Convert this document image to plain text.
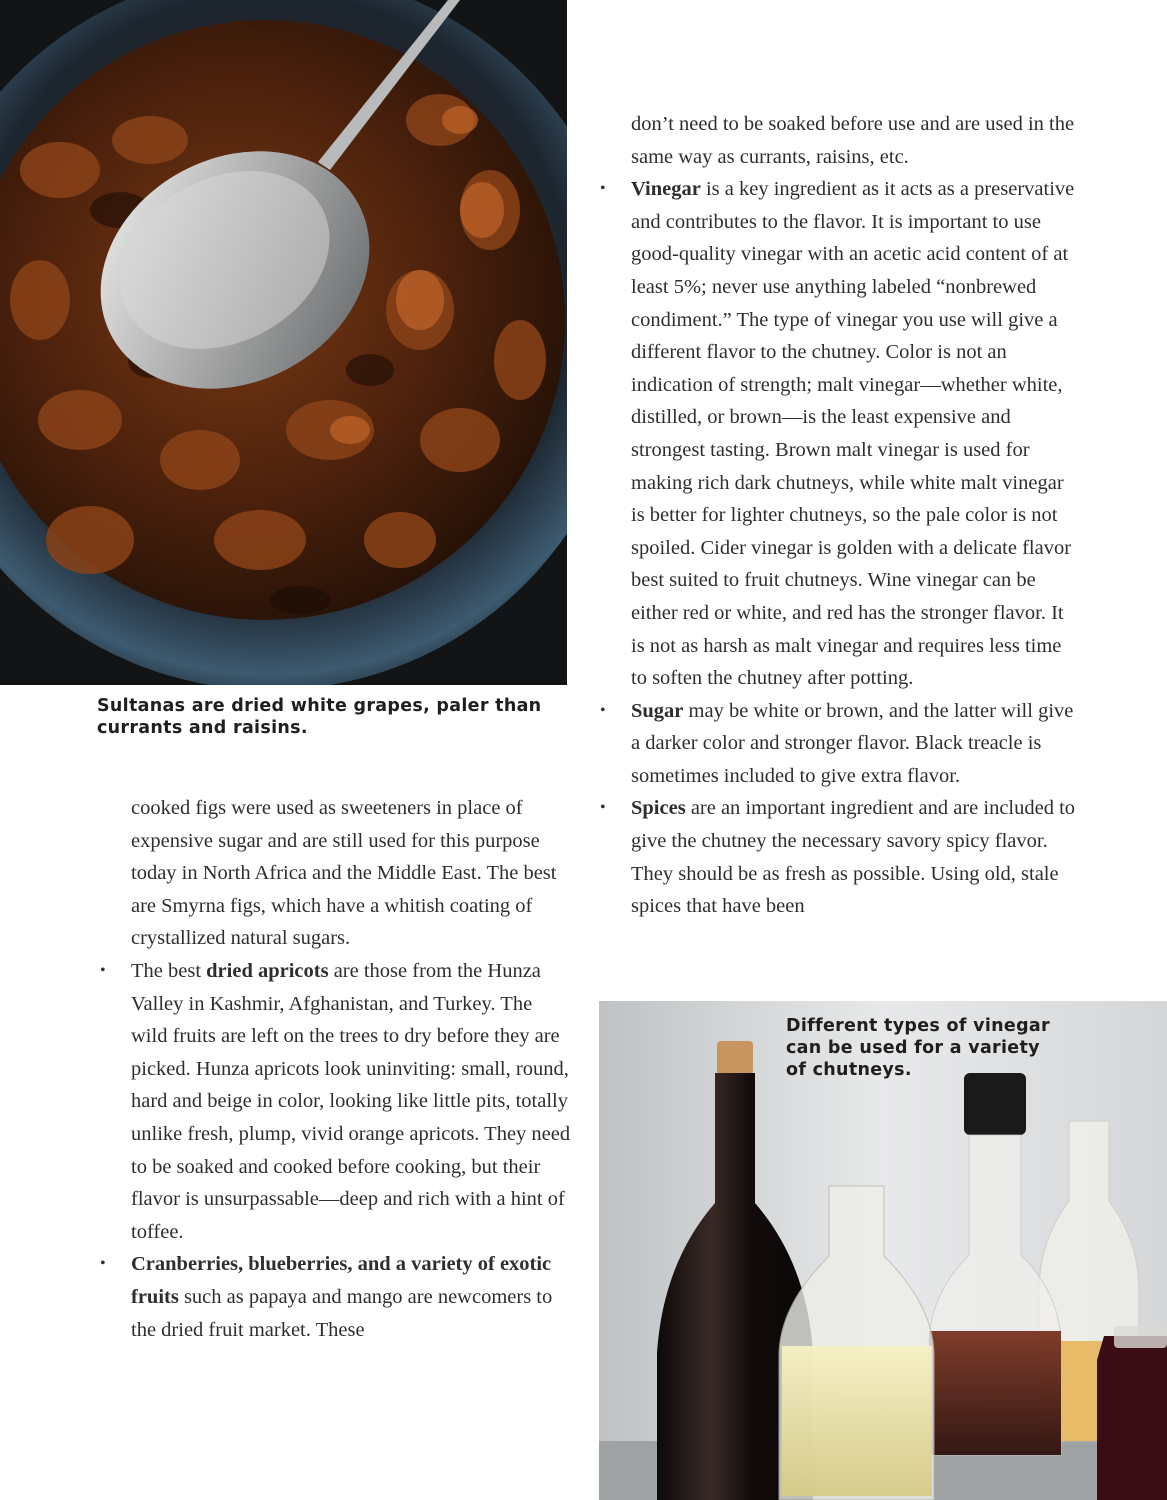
Sultanas are dried white grapes, paler than currants and raisins.

cooked figs were used as sweeteners in place of expensive sugar and are still used for this purpose today in North Africa and the Middle East. The best are Smyrna figs, which have a whitish coating of crystallized natural sugars.

• The best dried apricots are those from the Hunza Valley in Kashmir, Afghanistan, and Turkey. The wild fruits are left on the trees to dry before they are picked. Hunza apricots look uninviting: small, round, hard and beige in color, looking like little pits, totally unlike fresh, plump, vivid orange apricots. They need to be soaked and cooked before cooking, but their flavor is unsurpassable—deep and rich with a hint of toffee.
• Cranberries, blueberries, and a variety of exotic fruits such as papaya and mango are newcomers to the dried fruit market. These

don’t need to be soaked before use and are used in the same way as currants, raisins, etc.

• Vinegar is a key ingredient as it acts as a preservative and contributes to the flavor. It is important to use good-quality vinegar with an acetic acid content of at least 5%; never use anything labeled “nonbrewed condiment.” The type of vinegar you use will give a different flavor to the chutney. Color is not an indication of strength; malt vinegar—whether white, distilled, or brown—is the least expensive and strongest tasting. Brown malt vinegar is used for making rich dark chutneys, while white malt vinegar is better for lighter chutneys, so the pale color is not spoiled. Cider vinegar is golden with a delicate flavor best suited to fruit chutneys. Wine vinegar can be either red or white, and red has the stronger flavor. It is not as harsh as malt vinegar and requires less time to soften the chutney after potting.
• Sugar may be white or brown, and the latter will give a darker color and stronger flavor. Black treacle is sometimes included to give extra flavor.
• Spices are an important ingredient and are included to give the chutney the necessary savory spicy flavor. They should be as fresh as possible. Using old, stale spices that have been
Different types of vinegar can be used for a variety of chutneys.
